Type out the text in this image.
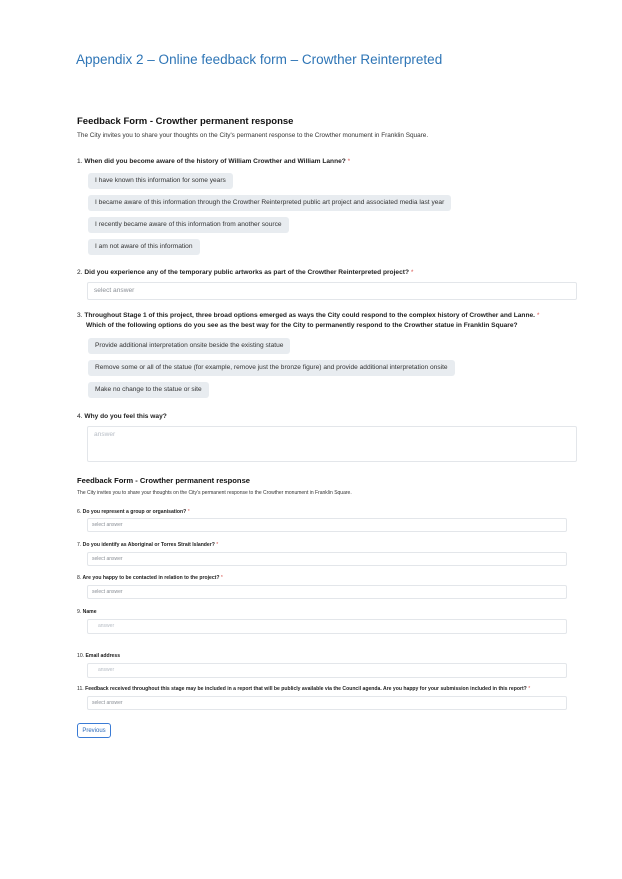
Appendix 2 – Online feedback form – Crowther Reinterpreted
Feedback Form - Crowther permanent response
The City invites you to share your thoughts on the City's permanent response to the Crowther monument in Franklin Square.
1. When did you become aware of the history of William Crowther and William Lanne? *
I have known this information for some years
I became aware of this information through the Crowther Reinterpreted public art project and associated media last year
I recently became aware of this information from another source
I am not aware of this information
2. Did you experience any of the temporary public artworks as part of the Crowther Reinterpreted project? *
select answer
3. Throughout Stage 1 of this project, three broad options emerged as ways the City could respond to the complex history of Crowther and Lanne. *
Which of the following options do you see as the best way for the City to permanently respond to the Crowther statue in Franklin Square?
Provide additional interpretation onsite beside the existing statue
Remove some or all of the statue (for example, remove just the bronze figure) and provide additional interpretation onsite
Make no change to the statue or site
4. Why do you feel this way?
answer
Feedback Form - Crowther permanent response
The City invites you to share your thoughts on the City's permanent response to the Crowther monument in Franklin Square.
6. Do you represent a group or organisation? *
select answer
7. Do you identify as Aboriginal or Torres Strait Islander? *
select answer
8. Are you happy to be contacted in relation to the project? *
select answer
9. Name
answer
10. Email address
answer
11. Feedback received throughout this stage may be included in a report that will be publicly available via the Council agenda. Are you happy for your submission included in this report? *
select answer
Previous
